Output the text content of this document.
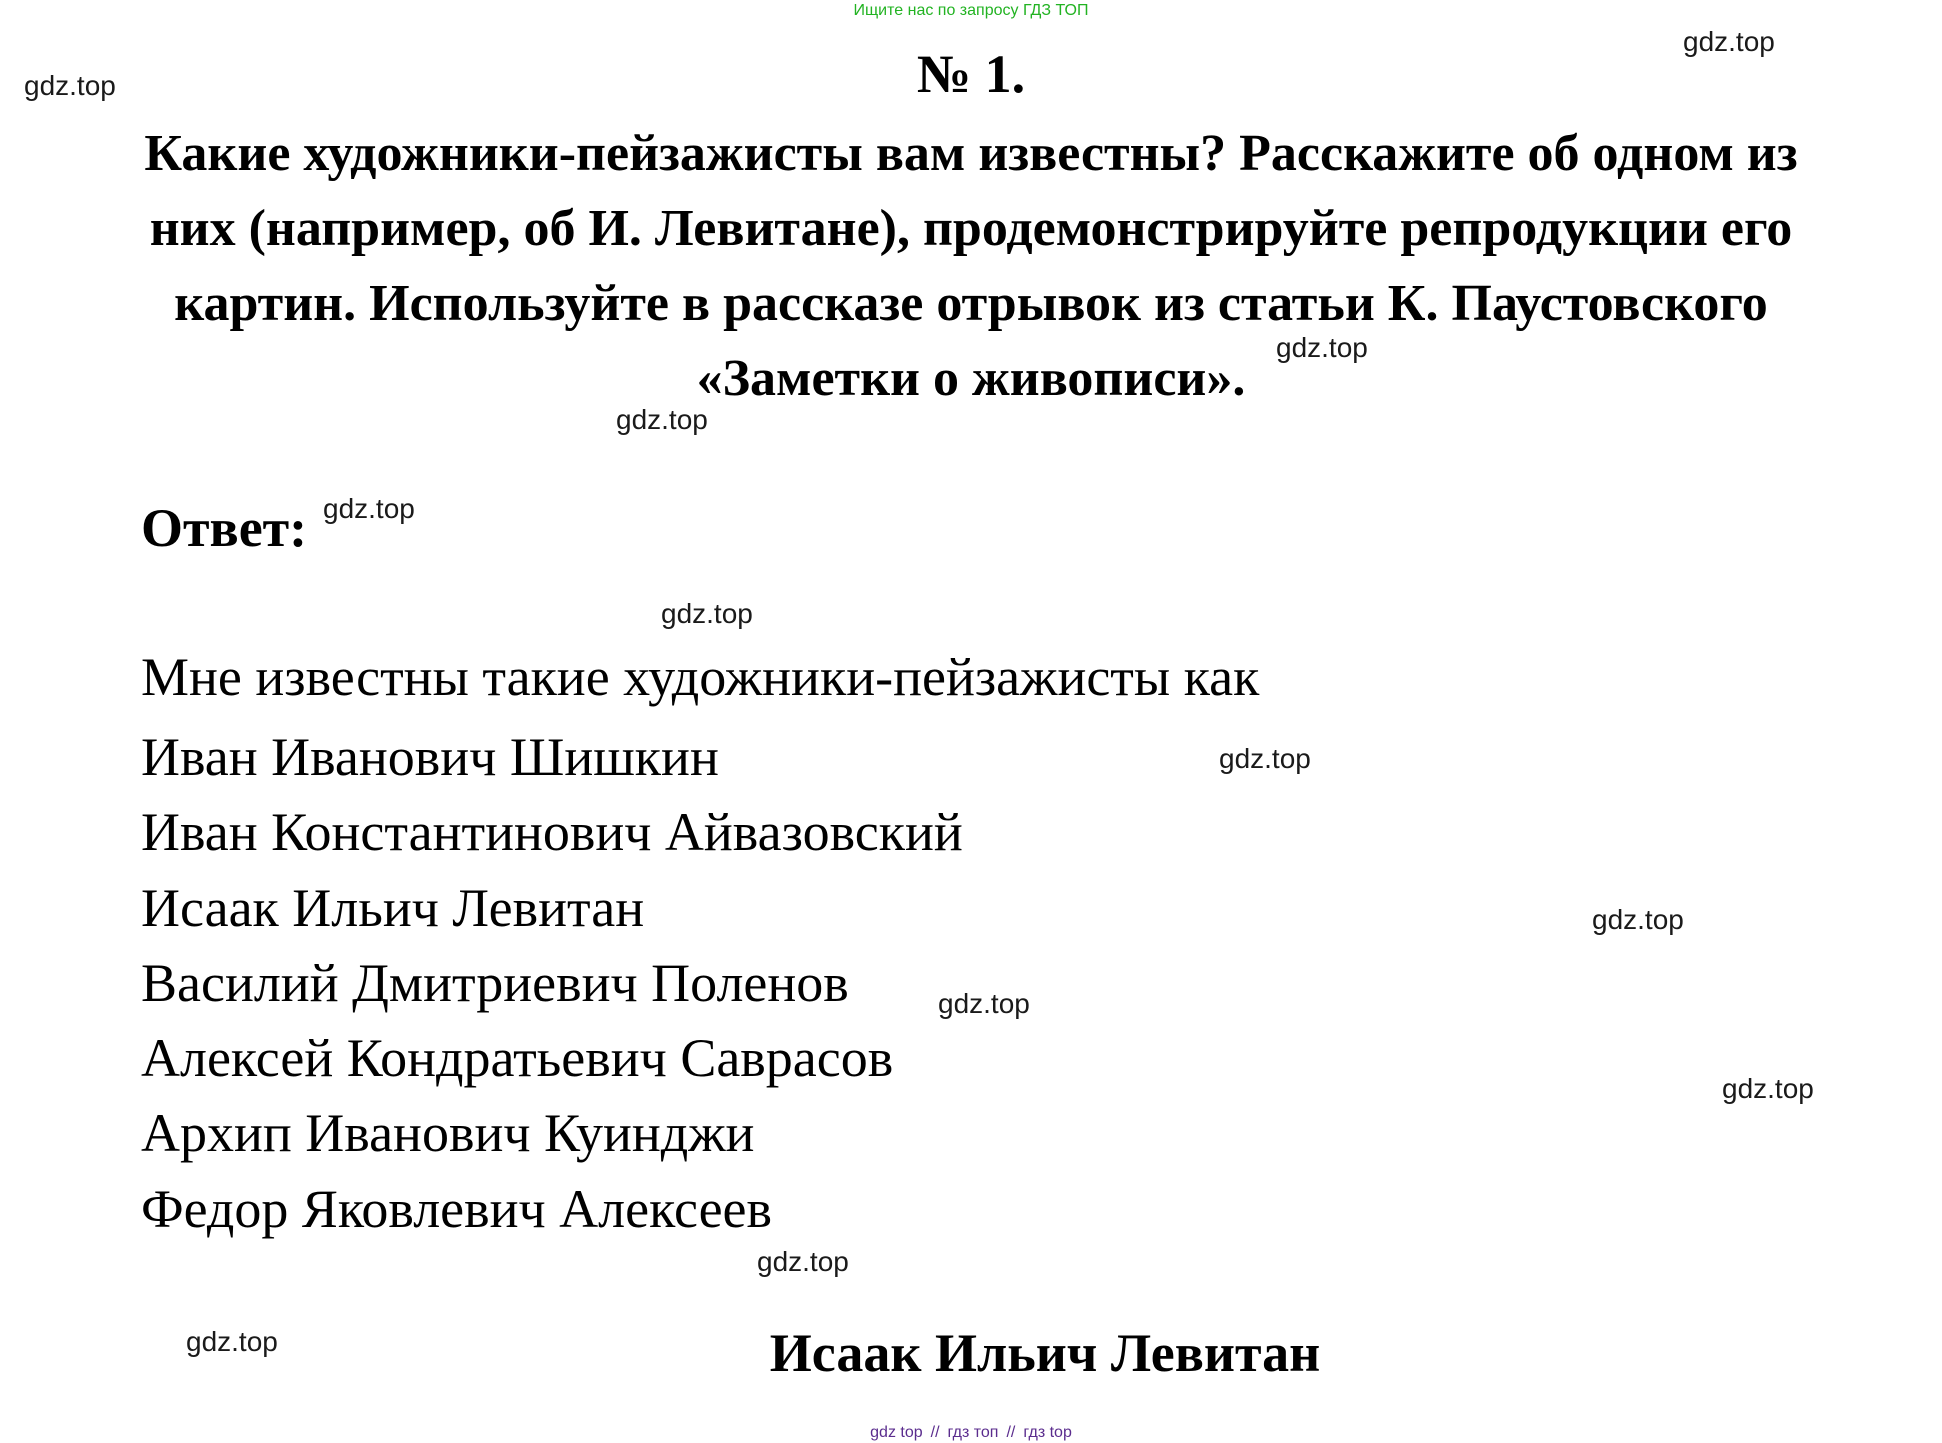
Ищите нас по запросу ГДЗ ТОП
№ 1.
Какие художники-пейзажисты вам известны? Расскажите об одном из
них (например, об И. Левитане), продемонстрируйте репродукции его
картин. Используйте в рассказе отрывок из статьи К. Паустовского
«Заметки о живописи».
Ответ:
Мне известны такие художники-пейзажисты как
Иван Иванович Шишкин
Иван Константинович Айвазовский
Исаак Ильич Левитан
Василий Дмитриевич Поленов
Алексей Кондратьевич Саврасов
Архип Иванович Куинджи
Федор Яковлевич Алексеев
Исаак Ильич Левитан
gdz.top
gdz.top
gdz.top
gdz.top
gdz.top
gdz.top
gdz.top
gdz.top
gdz.top
gdz.top
gdz.top
gdz.top
gdz top // гдз топ // гдз top
